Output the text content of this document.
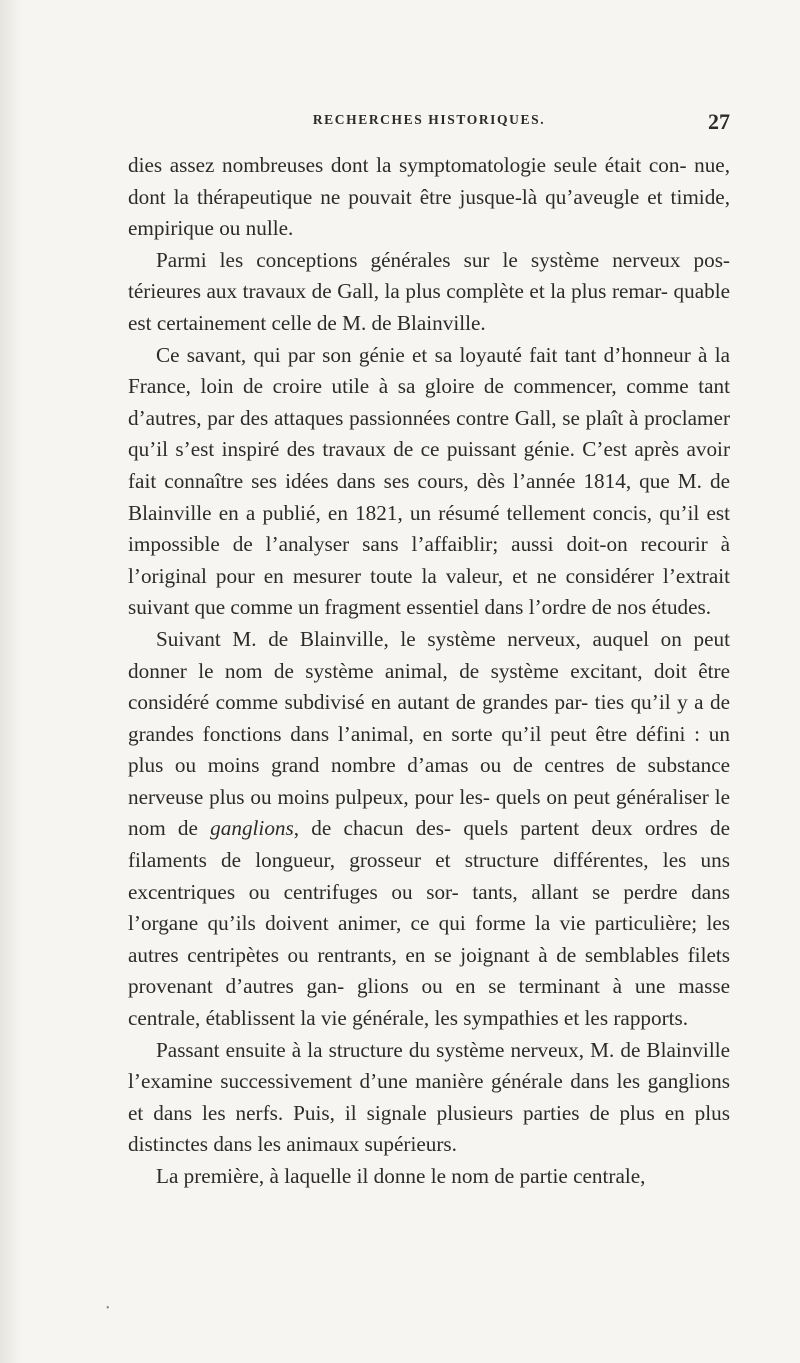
RECHERCHES HISTORIQUES.	27

dies assez nombreuses dont la symptomatologie seule était con- nue, dont la thérapeutique ne pouvait être jusque-là qu’aveugle et timide, empirique ou nulle.

Parmi les conceptions générales sur le système nerveux pos- térieures aux travaux de Gall, la plus complète et la plus remar- quable est certainement celle de M. de Blainville.

Ce savant, qui par son génie et sa loyauté fait tant d’honneur à la France, loin de croire utile à sa gloire de commencer, comme tant d’autres, par des attaques passionnées contre Gall, se plaît à proclamer qu’il s’est inspiré des travaux de ce puissant génie. C’est après avoir fait connaître ses idées dans ses cours, dès l’année 1814, que M. de Blainville en a publié, en 1821, un résumé tellement concis, qu’il est impossible de l’analyser sans l’affaiblir; aussi doit-on recourir à l’original pour en mesurer toute la valeur, et ne considérer l’extrait suivant que comme un fragment essentiel dans l’ordre de nos études.

Suivant M. de Blainville, le système nerveux, auquel on peut donner le nom de système animal, de système excitant, doit être considéré comme subdivisé en autant de grandes par- ties qu’il y a de grandes fonctions dans l’animal, en sorte qu’il peut être défini : un plus ou moins grand nombre d’amas ou de centres de substance nerveuse plus ou moins pulpeux, pour les- quels on peut généraliser le nom de ganglions, de chacun des- quels partent deux ordres de filaments de longueur, grosseur et structure différentes, les uns excentriques ou centrifuges ou sor- tants, allant se perdre dans l’organe qu’ils doivent animer, ce qui forme la vie particulière; les autres centripètes ou rentrants, en se joignant à de semblables filets provenant d’autres gan- glions ou en se terminant à une masse centrale, établissent la vie générale, les sympathies et les rapports.

Passant ensuite à la structure du système nerveux, M. de Blainville l’examine successivement d’une manière générale dans les ganglions et dans les nerfs. Puis, il signale plusieurs parties de plus en plus distinctes dans les animaux supérieurs.

La première, à laquelle il donne le nom de partie centrale,

•
